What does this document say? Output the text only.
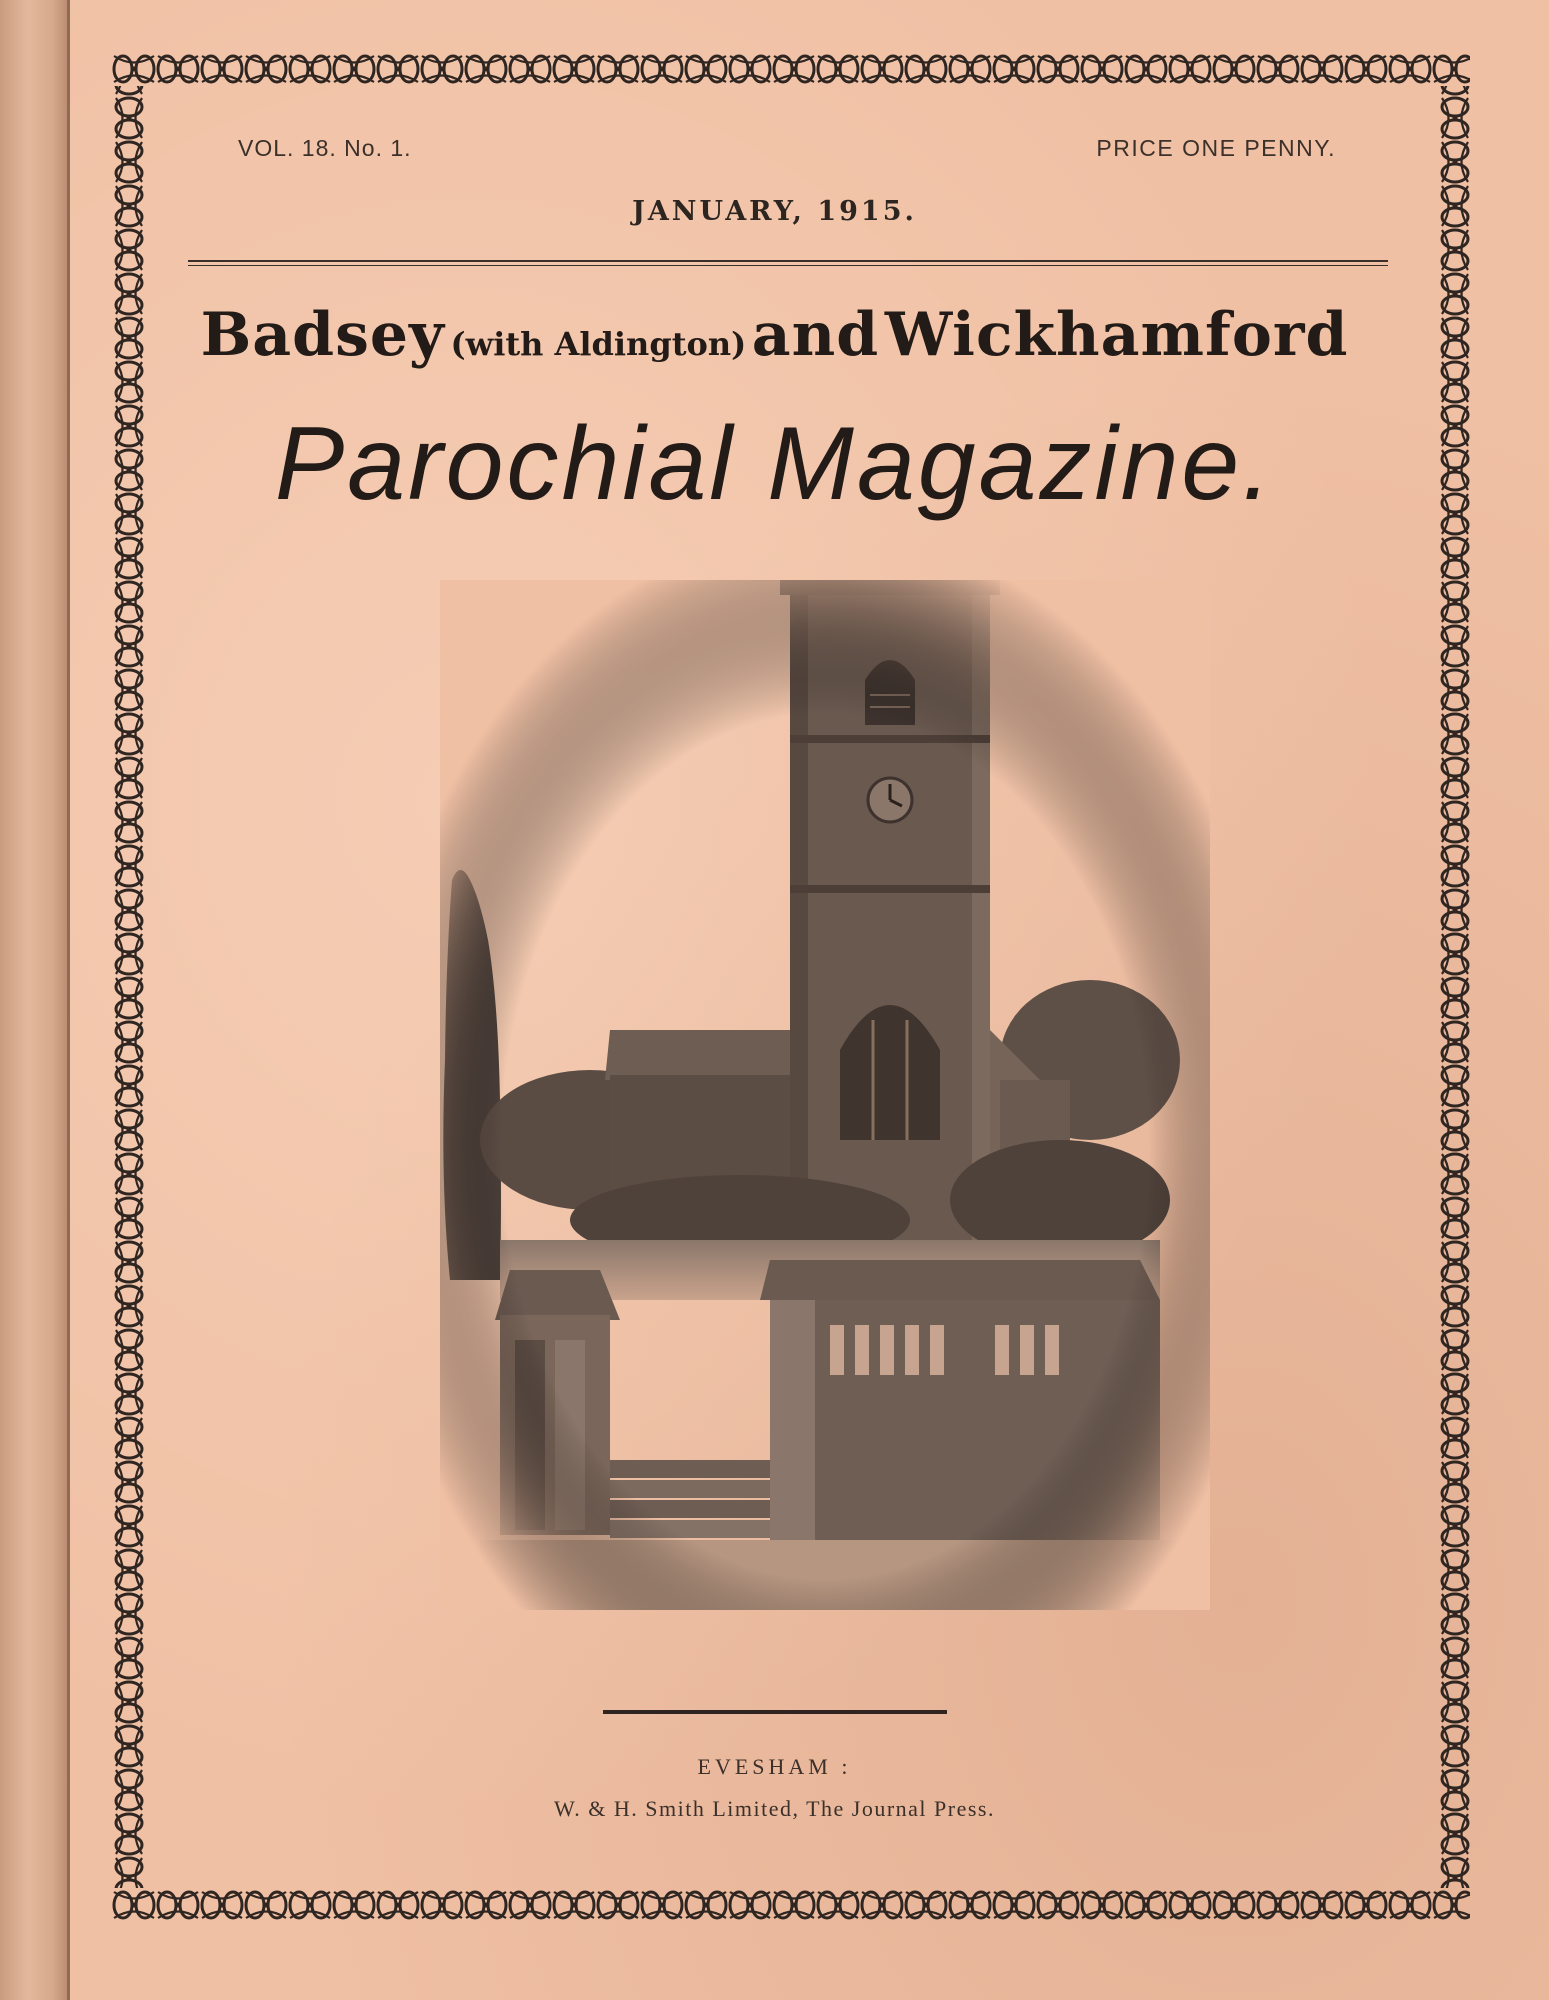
VOL. 18. No. 1.	PRICE ONE PENNY.
JANUARY, 1915.
Badsey (with Aldington) and Wickhamford
Parochial Magazine.
EVESHAM :
W. & H. Smith Limited, The Journal Press.
